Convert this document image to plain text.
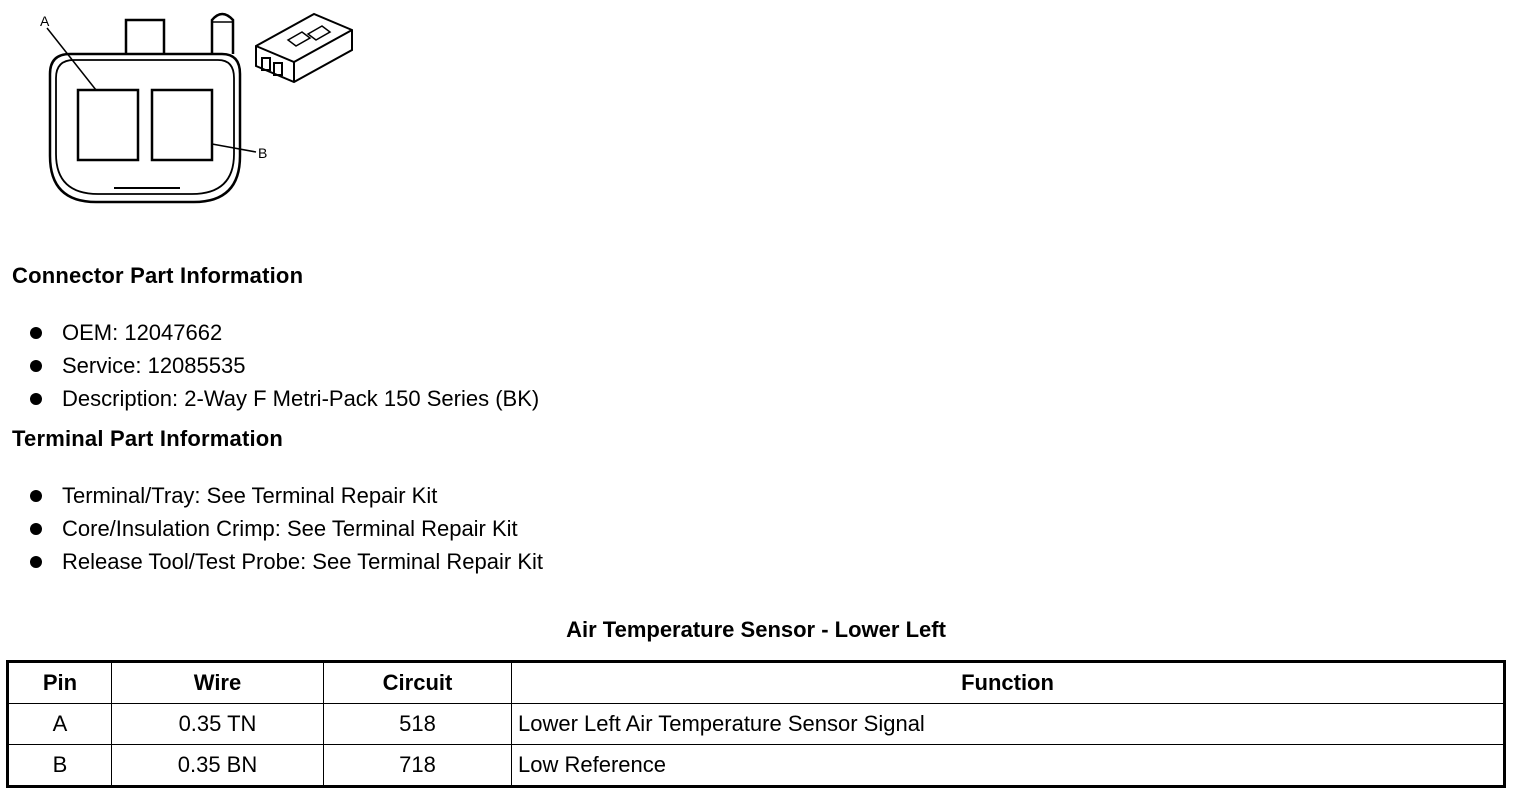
A
B
Connector Part Information
OEM: 12047662
Service: 12085535
Description: 2-Way F Metri-Pack 150 Series (BK)
Terminal Part Information
Terminal/Tray: See Terminal Repair Kit
Core/Insulation Crimp: See Terminal Repair Kit
Release Tool/Test Probe: See Terminal Repair Kit
Air Temperature Sensor - Lower Left
Pin	Wire	Circuit	Function
A	0.35 TN	518	Lower Left Air Temperature Sensor Signal
B	0.35 BN	718	Low Reference
